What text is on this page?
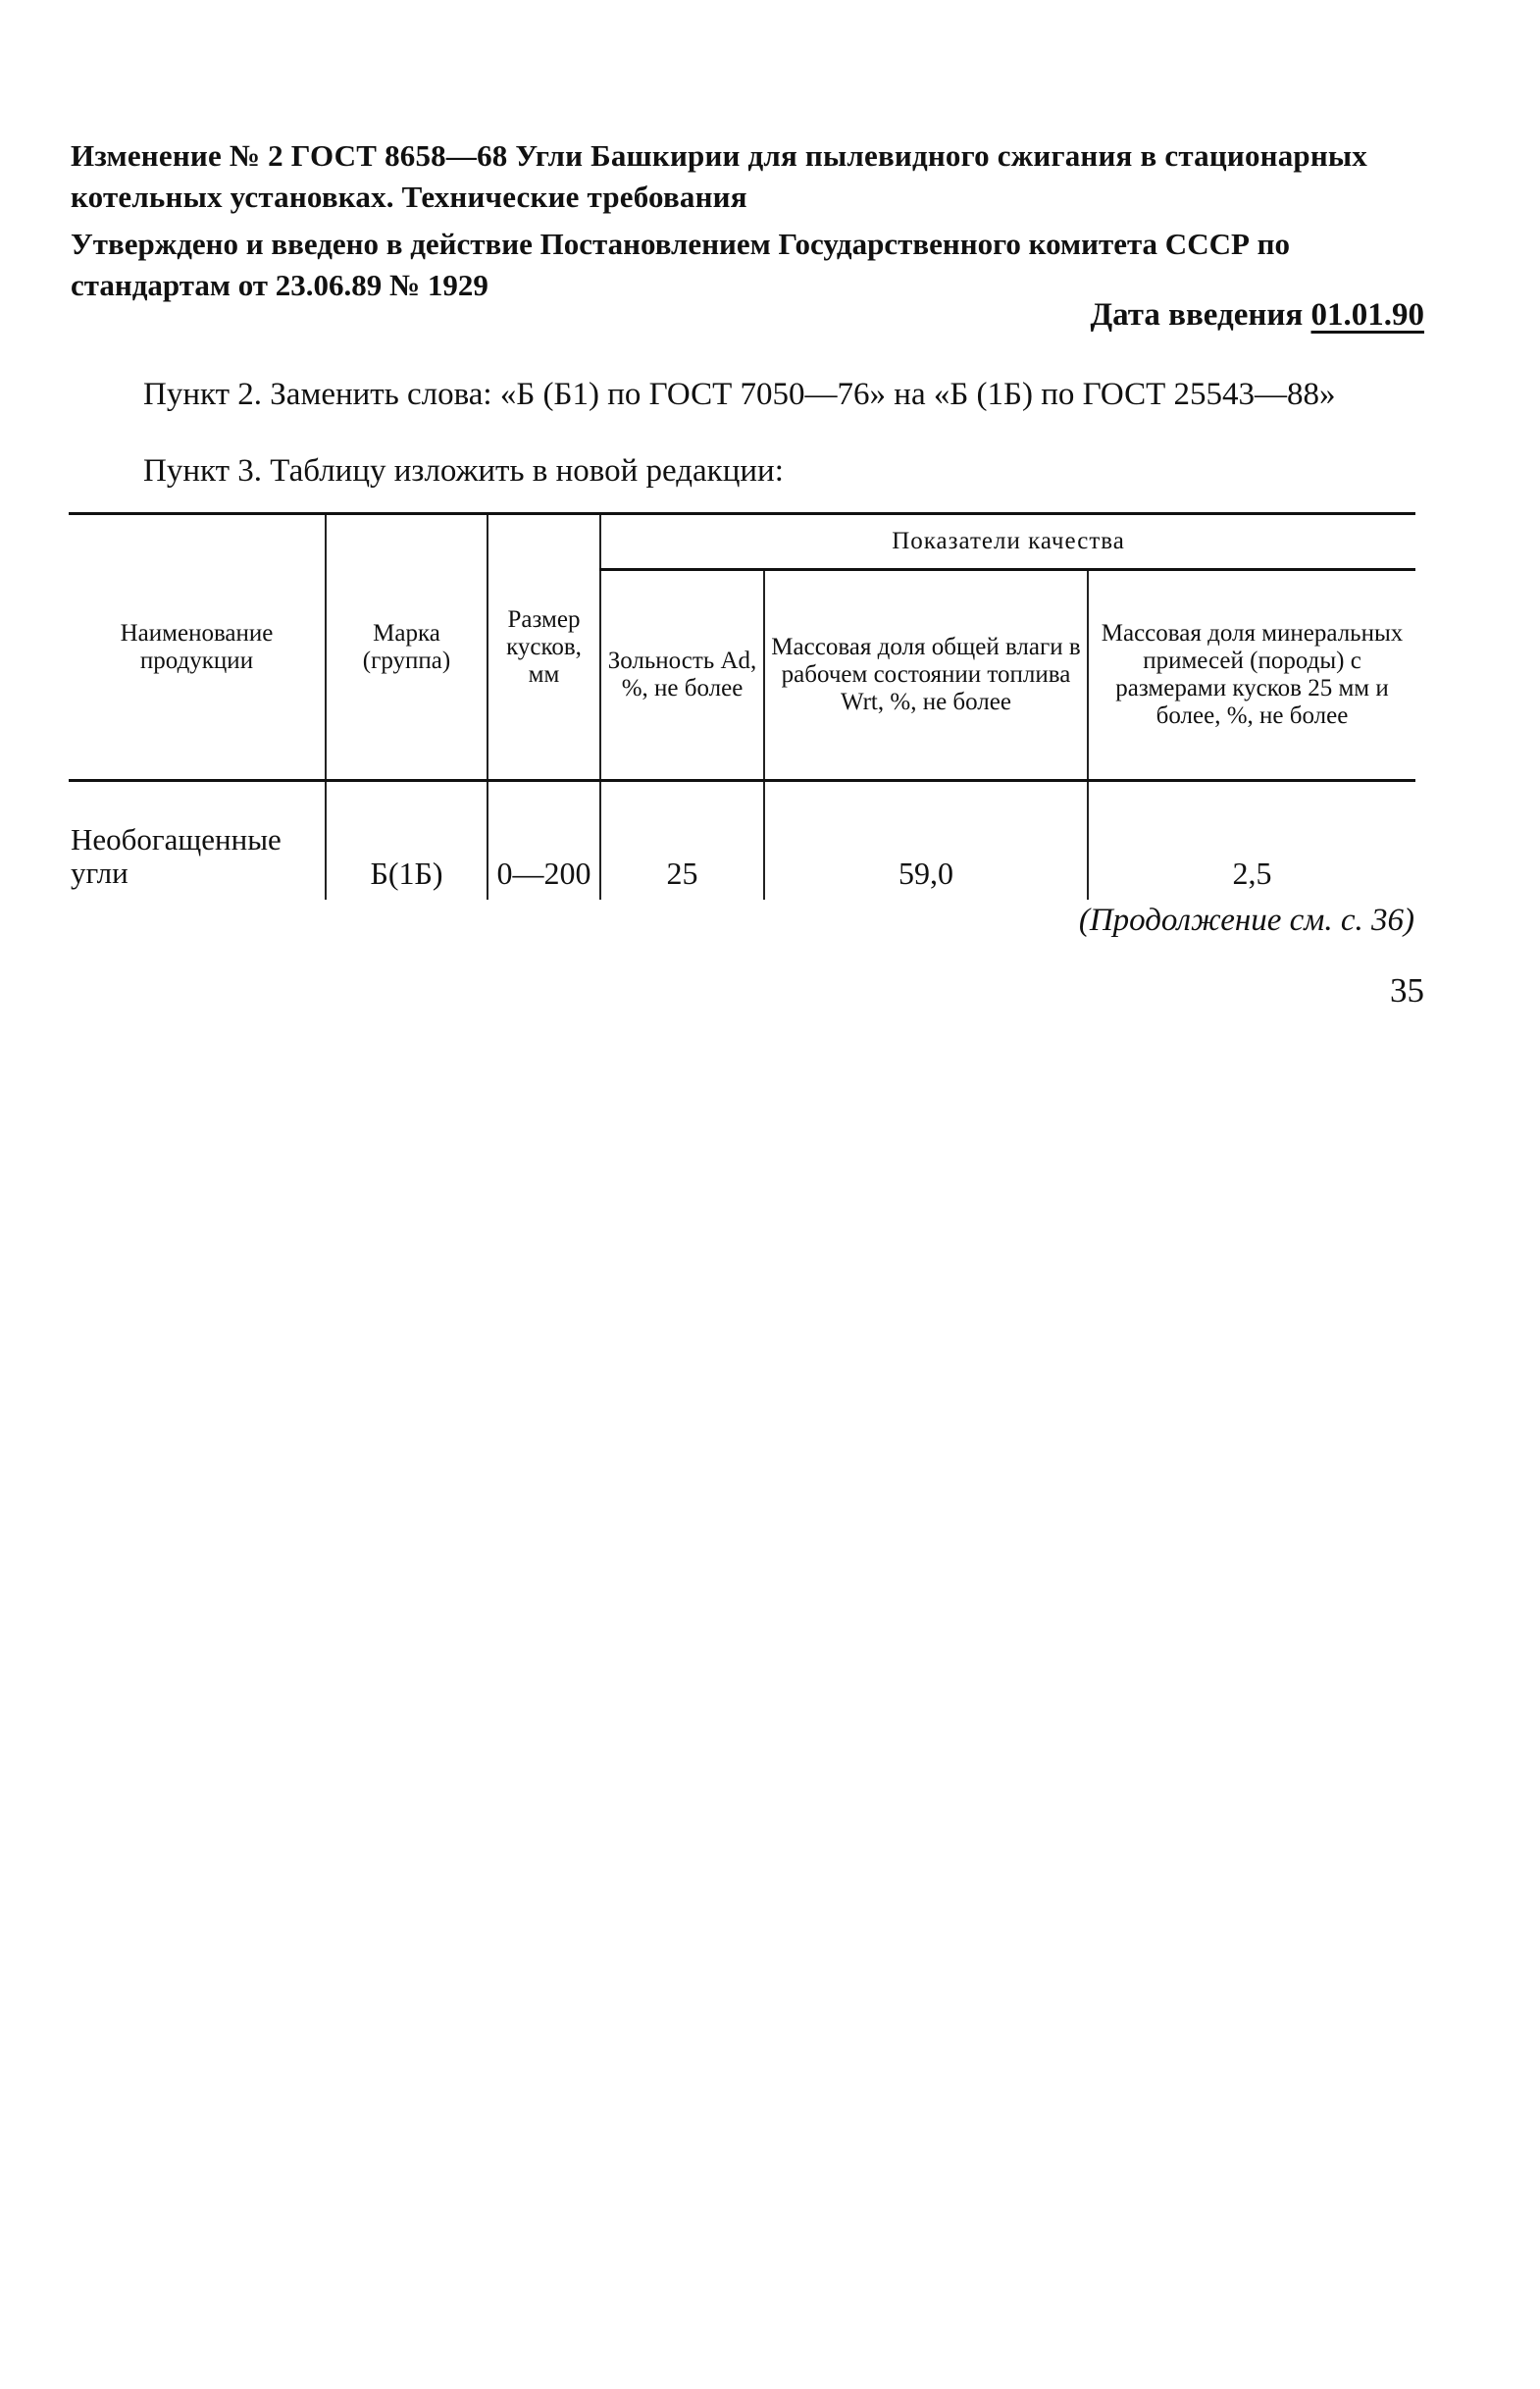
Изменение № 2 ГОСТ 8658—68 Угли Башкирии для пылевидного сжигания в стационарных котельных установках. Технические требования
Утверждено и введено в действие Постановлением Государственного комитета СССР по стандартам от 23.06.89 № 1929
Дата введения 01.01.90
Пункт 2. Заменить слова: «Б (Б1) по ГОСТ 7050—76» на «Б (1Б) по ГОСТ 25543—88»
Пункт 3. Таблицу изложить в новой редакции:
Наименование продукции	Марка (группа)	Размер кусков, мм	Показатели качества		
			Зольность Ad, %, не более	Массовая доля общей влаги в рабочем состоянии топлива Wrt, %, не более	Массовая доля минеральных примесей (породы) с размерами кусков 25 мм и более, %, не более
Необогащенные угли	Б(1Б)	0—200	25	59,0	2,5
(Продолжение см. с. 36)
35
